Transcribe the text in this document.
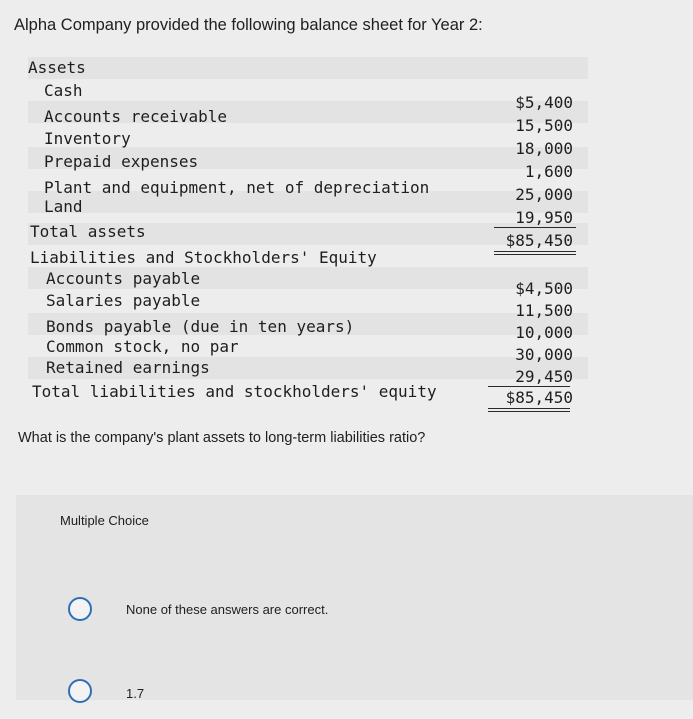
Alpha Company provided the following balance sheet for Year 2:
Assets
Cash
Accounts receivable
Inventory
Prepaid expenses
Plant and equipment, net of depreciation
Land
Total assets
Liabilities and Stockholders' Equity
Accounts payable
Salaries payable
Bonds payable (due in ten years)
Common stock, no par
Retained earnings
Total liabilities and stockholders' equity
$5,400
15,500
18,000
1,600
25,000
19,950
$85,450
$4,500
11,500
10,000
30,000
29,450
$85,450
What is the company's plant assets to long-term liabilities ratio?
Multiple Choice
None of these answers are correct.
1.7
